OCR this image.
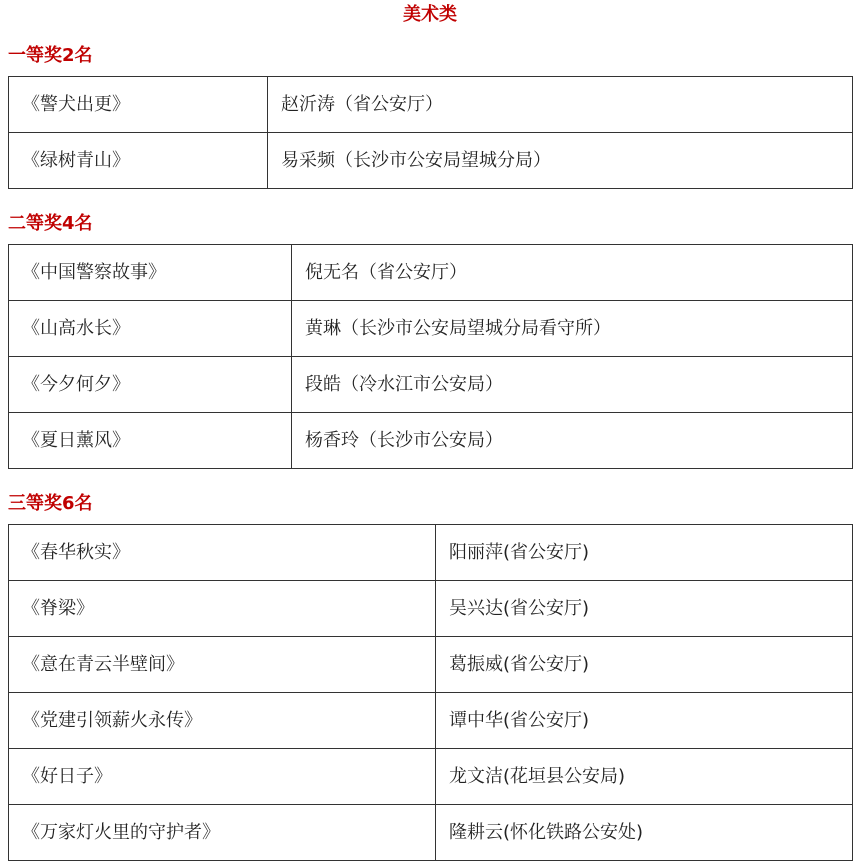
美术类
一等奖2名
《警犬出更》	赵沂涛（省公安厅）
《绿树青山》	易采频（长沙市公安局望城分局）
二等奖4名
《中国警察故事》	倪无名（省公安厅）
《山高水长》	黄琳（长沙市公安局望城分局看守所）
《今夕何夕》	段皓（冷水江市公安局）
《夏日薰风》	杨香玲（长沙市公安局）
三等奖6名
《春华秋实》	阳丽萍(省公安厅)
《脊梁》	吴兴达(省公安厅)
《意在青云半壁间》	葛振威(省公安厅)
《党建引领薪火永传》	谭中华(省公安厅)
《好日子》	龙文洁(花垣县公安局)
《万家灯火里的守护者》	隆耕云(怀化铁路公安处)
